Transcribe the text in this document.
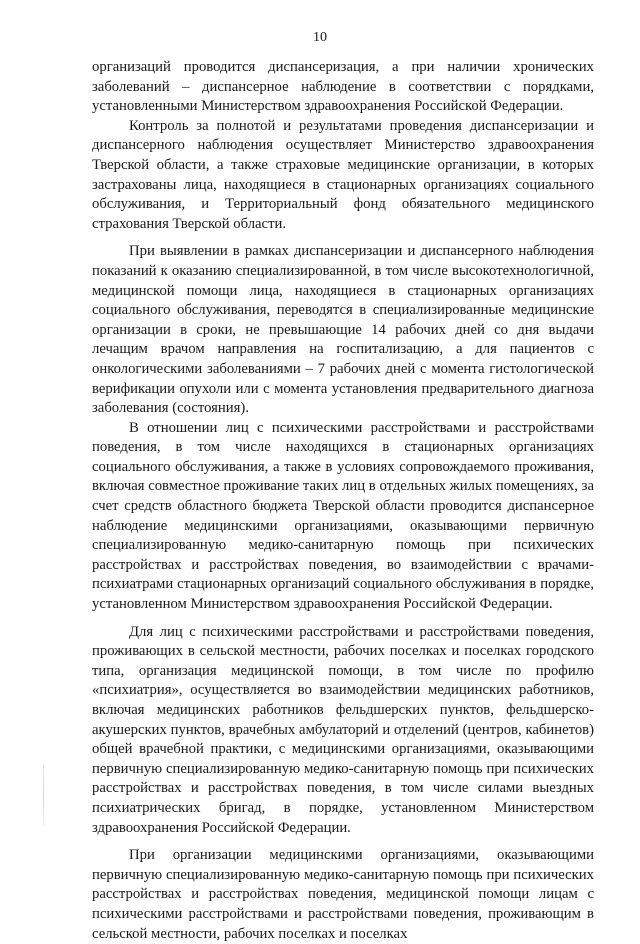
10

организаций проводится диспансеризация, а при наличии хронических заболеваний – диспансерное наблюдение в соответствии с порядками, установленными Министерством здравоохранения Российской Федерации.

Контроль за полнотой и результатами проведения диспансеризации и диспансерного наблюдения осуществляет Министерство здравоохранения Тверской области, а также страховые медицинские организации, в которых застрахованы лица, находящиеся в стационарных организациях социального обслуживания, и Территориальный фонд обязательного медицинского страхования Тверской области.

При выявлении в рамках диспансеризации и диспансерного наблюдения показаний к оказанию специализированной, в том числе высокотехнологичной, медицинской помощи лица, находящиеся в стационарных организациях социального обслуживания, переводятся в специализированные медицинские организации в сроки, не превышающие 14 рабочих дней со дня выдачи лечащим врачом направления на госпитализацию, а для пациентов с онкологическими заболеваниями – 7 рабочих дней с момента гистологической верификации опухоли или с момента установления предварительного диагноза заболевания (состояния).

В отношении лиц с психическими расстройствами и расстройствами поведения, в том числе находящихся в стационарных организациях социального обслуживания, а также в условиях сопровождаемого проживания, включая совместное проживание таких лиц в отдельных жилых помещениях, за счет средств областного бюджета Тверской области проводится диспансерное наблюдение медицинскими организациями, оказывающими первичную специализированную медико-санитарную помощь при психических расстройствах и расстройствах поведения, во взаимодействии с врачами-психиатрами стационарных организаций социального обслуживания в порядке, установленном Министерством здравоохранения Российской Федерации.

Для лиц с психическими расстройствами и расстройствами поведения, проживающих в сельской местности, рабочих поселках и поселках городского типа, организация медицинской помощи, в том числе по профилю «психиатрия», осуществляется во взаимодействии медицинских работников, включая медицинских работников фельдшерских пунктов, фельдшерско-акушерских пунктов, врачебных амбулаторий и отделений (центров, кабинетов) общей врачебной практики, с медицинскими организациями, оказывающими первичную специализированную медико-санитарную помощь при психических расстройствах и расстройствах поведения, в том числе силами выездных психиатрических бригад, в порядке, установленном Министерством здравоохранения Российской Федерации.

При организации медицинскими организациями, оказывающими первичную специализированную медико-санитарную помощь при психических расстройствах и расстройствах поведения, медицинской помощи лицам с психическими расстройствами и расстройствами поведения, проживающим в сельской местности, рабочих поселках и поселках
